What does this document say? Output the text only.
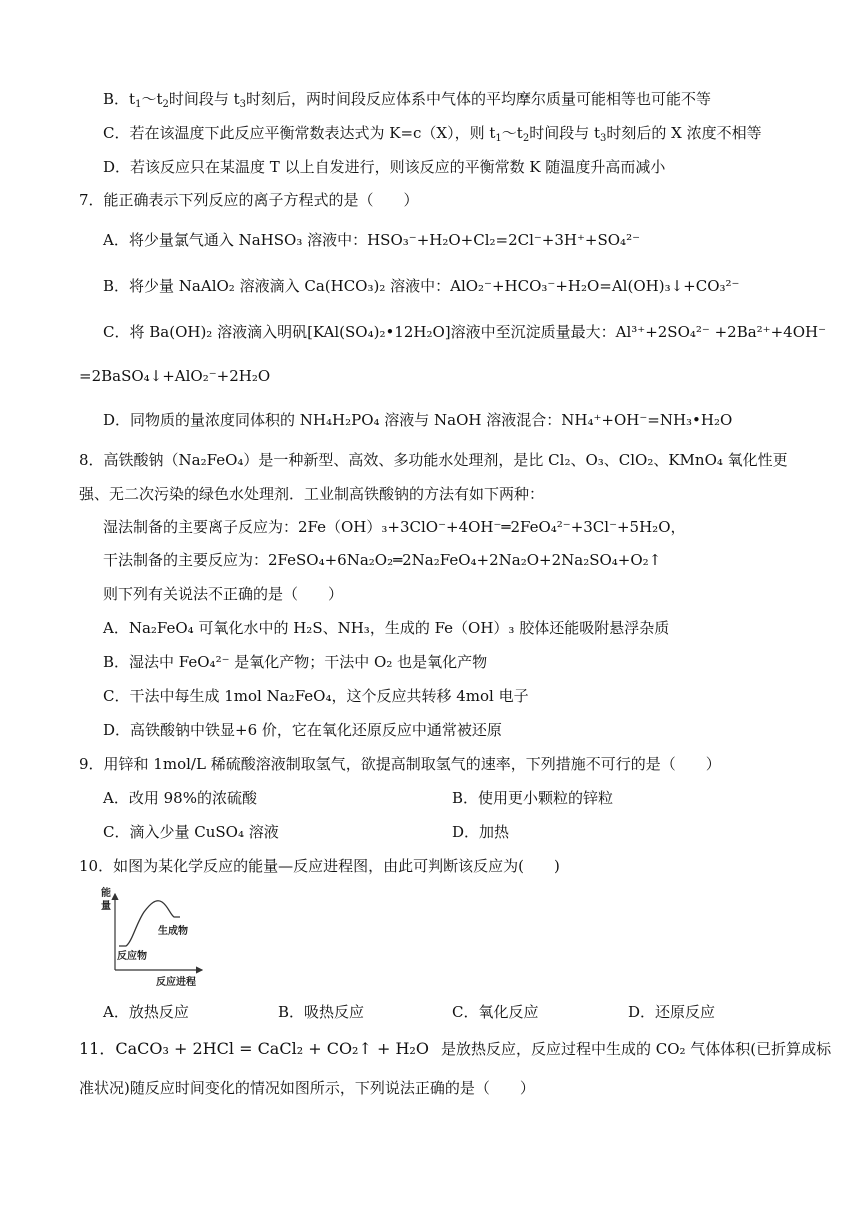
B．$t_1\sim t_2$时间段与 $t_3$时刻后，两时间段反应体系中气体的平均摩尔质量可能相等也可能不等
C．若在该温度下此反应平衡常数表达式为 K=c（X），则 $t_1\sim t_2$时间段与 $t_3$时刻后的 X 浓度不相等
D．若该反应只在某温度 T 以上自发进行，则该反应的平衡常数 K 随温度升高而减小
7．能正确表示下列反应的离子方程式的是（　　）
A．将少量氯气通入 NaHSO₃ 溶液中：HSO₃⁻+H₂O+Cl₂=2Cl⁻+3H⁺+SO₄²⁻
B．将少量 NaAlO₂ 溶液滴入 Ca(HCO₃)₂ 溶液中：AlO₂⁻+HCO₃⁻+H₂O=Al(OH)₃↓+CO₃²⁻
C．将 Ba(OH)₂ 溶液滴入明矾[KAl(SO₄)₂•12H₂O]溶液中至沉淀质量最大：Al³⁺+2SO₄²⁻ +2Ba²⁺+4OH⁻
=2BaSO₄↓+AlO₂⁻+2H₂O
D．同物质的量浓度同体积的 NH₄H₂PO₄ 溶液与 NaOH 溶液混合：NH₄⁺+OH⁻=NH₃•H₂O
8．高铁酸钠（Na₂FeO₄）是一种新型、高效、多功能水处理剂，是比 Cl₂、O₃、ClO₂、KMnO₄ 氧化性更
强、无二次污染的绿色水处理剂．工业制高铁酸钠的方法有如下两种：
湿法制备的主要离子反应为：2Fe（OH）₃+3ClO⁻+4OH⁻═2FeO₄²⁻+3Cl⁻+5H₂O，
干法制备的主要反应为：2FeSO₄+6Na₂O₂═2Na₂FeO₄+2Na₂O+2Na₂SO₄+O₂↑
则下列有关说法不正确的是（　　）
A．Na₂FeO₄ 可氧化水中的 H₂S、NH₃，生成的 Fe（OH）₃ 胶体还能吸附悬浮杂质
B．湿法中 FeO₄²⁻ 是氧化产物；干法中 O₂ 也是氧化产物
C．干法中每生成 1mol Na₂FeO₄，这个反应共转移 4mol 电子
D．高铁酸钠中铁显+6 价，它在氧化还原反应中通常被还原
9．用锌和 1mol/L 稀硫酸溶液制取氢气，欲提高制取氢气的速率，下列措施不可行的是（　　）
A．改用 98%的浓硫酸	B．使用更小颗粒的锌粒
C．滴入少量 CuSO₄ 溶液	D．加热
10．如图为某化学反应的能量—反应进程图，由此可判断该反应为(　　)
能
量
生成物
反应物
反应进程
A．放热反应	B．吸热反应	C．氧化反应	D．还原反应
11．CaCO₃ + 2HCl = CaCl₂ + CO₂↑ + H₂O 是放热反应，反应过程中生成的 CO₂ 气体体积(已折算成标
准状况)随反应时间变化的情况如图所示，下列说法正确的是（　　）
